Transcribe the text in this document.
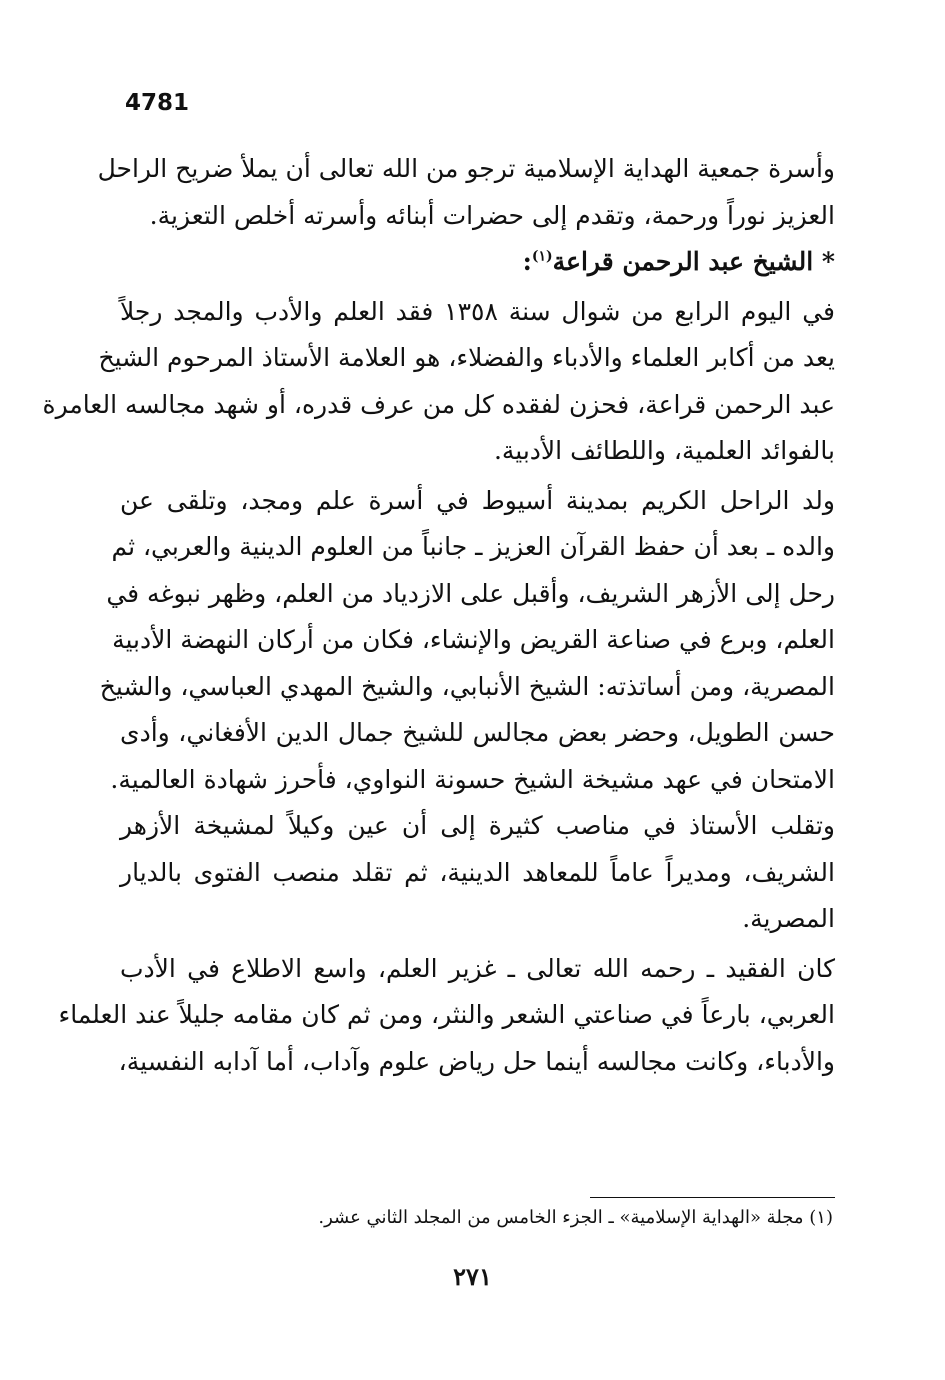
4781
وأسرة جمعية الهداية الإسلامية ترجو من الله تعالى أن يملأ ضريح الراحل
العزيز نوراً ورحمة، وتقدم إلى حضرات أبنائه وأسرته أخلص التعزية.
* الشيخ عبد الرحمن قراعة$^{(١)}$:
في اليوم الرابع من شوال سنة ١٣٥٨ فقد العلم والأدب والمجد رجلاً
يعد من أكابر العلماء والأدباء والفضلاء، هو العلامة الأستاذ المرحوم الشيخ
عبد الرحمن قراعة، فحزن لفقده كل من عرف قدره، أو شهد مجالسه العامرة
بالفوائد العلمية، واللطائف الأدبية.
ولد الراحل الكريم بمدينة أسيوط في أسرة علم ومجد، وتلقى عن
والده ـ بعد أن حفظ القرآن العزيز ـ جانباً من العلوم الدينية والعربي، ثم
رحل إلى الأزهر الشريف، وأقبل على الازدياد من العلم، وظهر نبوغه في
العلم، وبرع في صناعة القريض والإنشاء، فكان من أركان النهضة الأدبية
المصرية، ومن أساتذته: الشيخ الأنبابي، والشيخ المهدي العباسي، والشيخ
حسن الطويل، وحضر بعض مجالس للشيخ جمال الدين الأفغاني، وأدى
الامتحان في عهد مشيخة الشيخ حسونة النواوي، فأحرز شهادة العالمية.
وتقلب الأستاذ في مناصب كثيرة إلى أن عين وكيلاً لمشيخة الأزهر
الشريف، ومديراً عاماً للمعاهد الدينية، ثم تقلد منصب الفتوى بالديار
المصرية.
كان الفقيد ـ رحمه الله تعالى ـ غزير العلم، واسع الاطلاع في الأدب
العربي، بارعاً في صناعتي الشعر والنثر، ومن ثم كان مقامه جليلاً عند العلماء
والأدباء، وكانت مجالسه أينما حل رياض علوم وآداب، أما آدابه النفسية،
(١) مجلة «الهداية الإسلامية» ـ الجزء الخامس من المجلد الثاني عشر.
٢٧١
